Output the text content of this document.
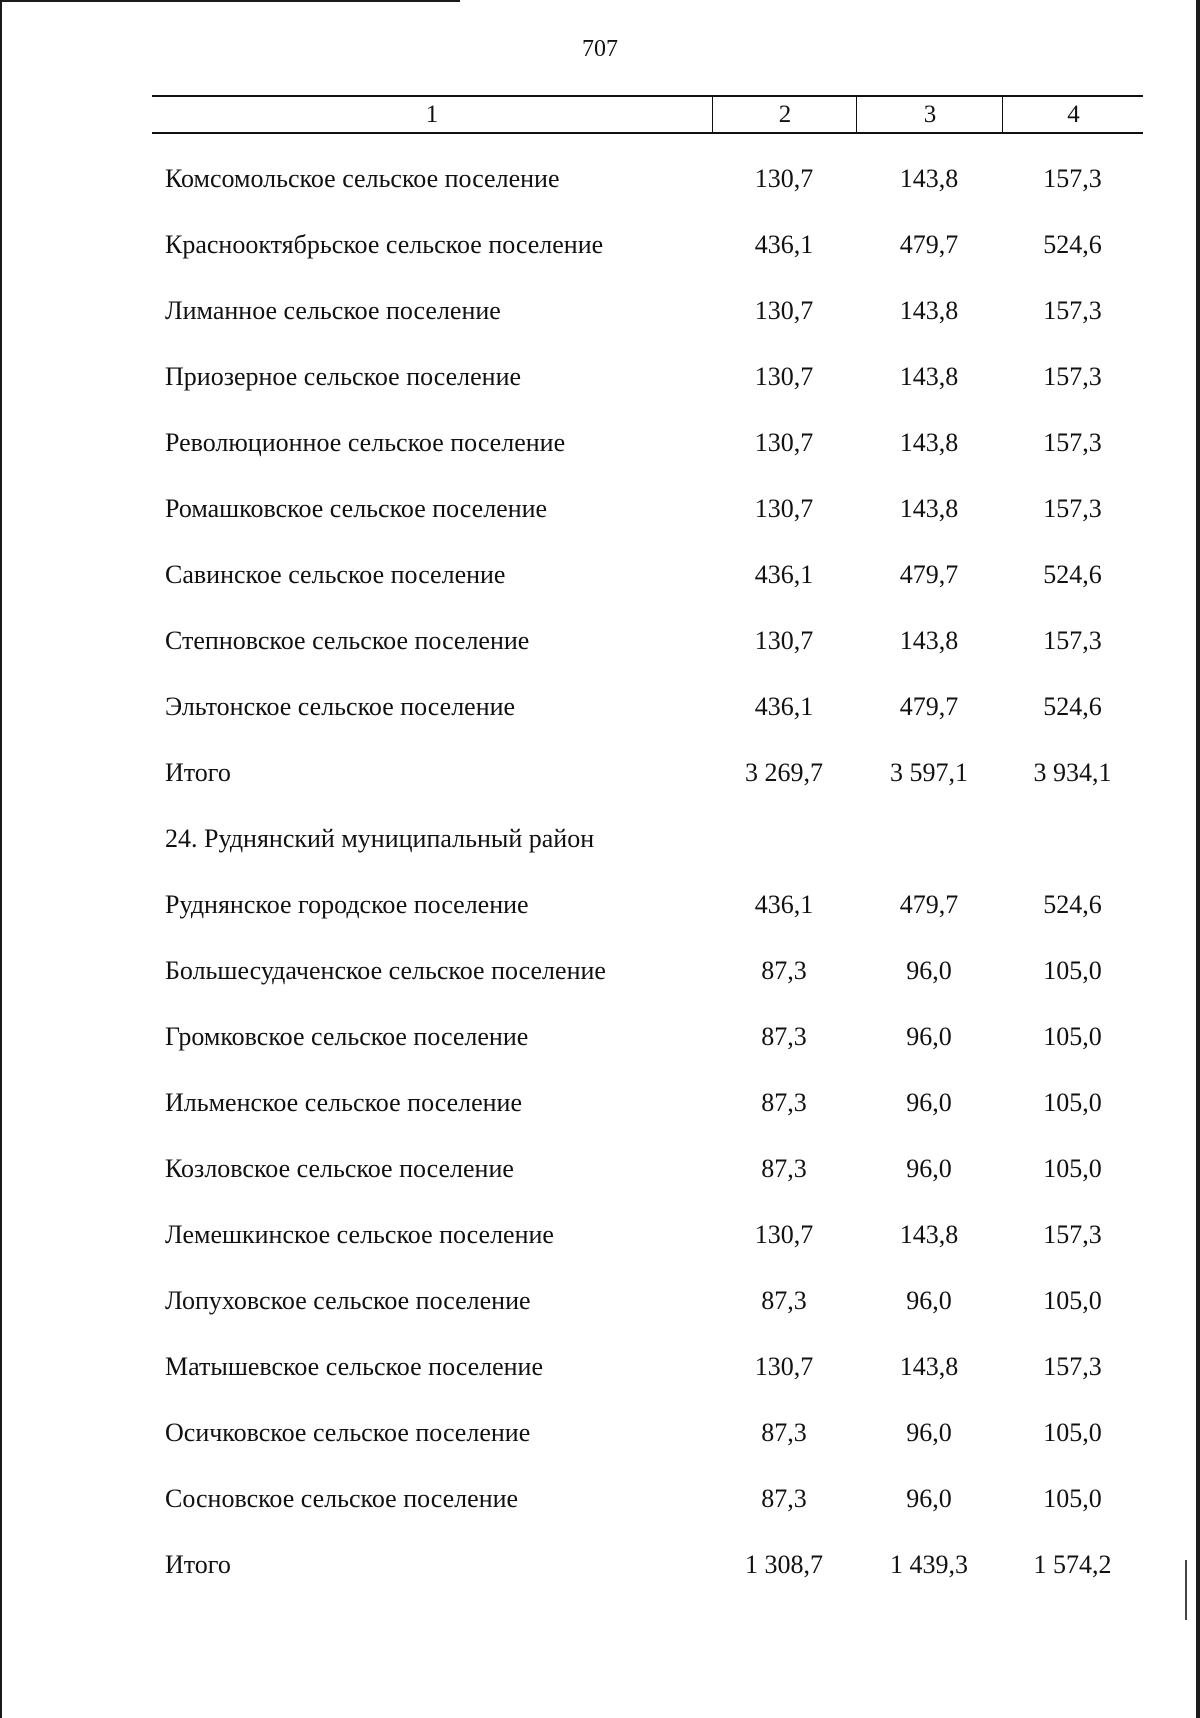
707
1	2	3	4
Комсомольское сельское поселение	130,7	143,8	157,3
Краснооктябрьское сельское поселение	436,1	479,7	524,6
Лиманное сельское поселение	130,7	143,8	157,3
Приозерное сельское поселение	130,7	143,8	157,3
Революционное сельское поселение	130,7	143,8	157,3
Ромашковское сельское поселение	130,7	143,8	157,3
Савинское сельское поселение	436,1	479,7	524,6
Степновское сельское поселение	130,7	143,8	157,3
Эльтонское сельское поселение	436,1	479,7	524,6
Итого	3 269,7	3 597,1	3 934,1
24. Руднянский муниципальный район
Руднянское городское поселение	436,1	479,7	524,6
Большесудаченское сельское поселение	87,3	96,0	105,0
Громковское сельское поселение	87,3	96,0	105,0
Ильменское сельское поселение	87,3	96,0	105,0
Козловское сельское поселение	87,3	96,0	105,0
Лемешкинское сельское поселение	130,7	143,8	157,3
Лопуховское сельское поселение	87,3	96,0	105,0
Матышевское сельское поселение	130,7	143,8	157,3
Осичковское сельское поселение	87,3	96,0	105,0
Сосновское сельское поселение	87,3	96,0	105,0
Итого	1 308,7	1 439,3	1 574,2
